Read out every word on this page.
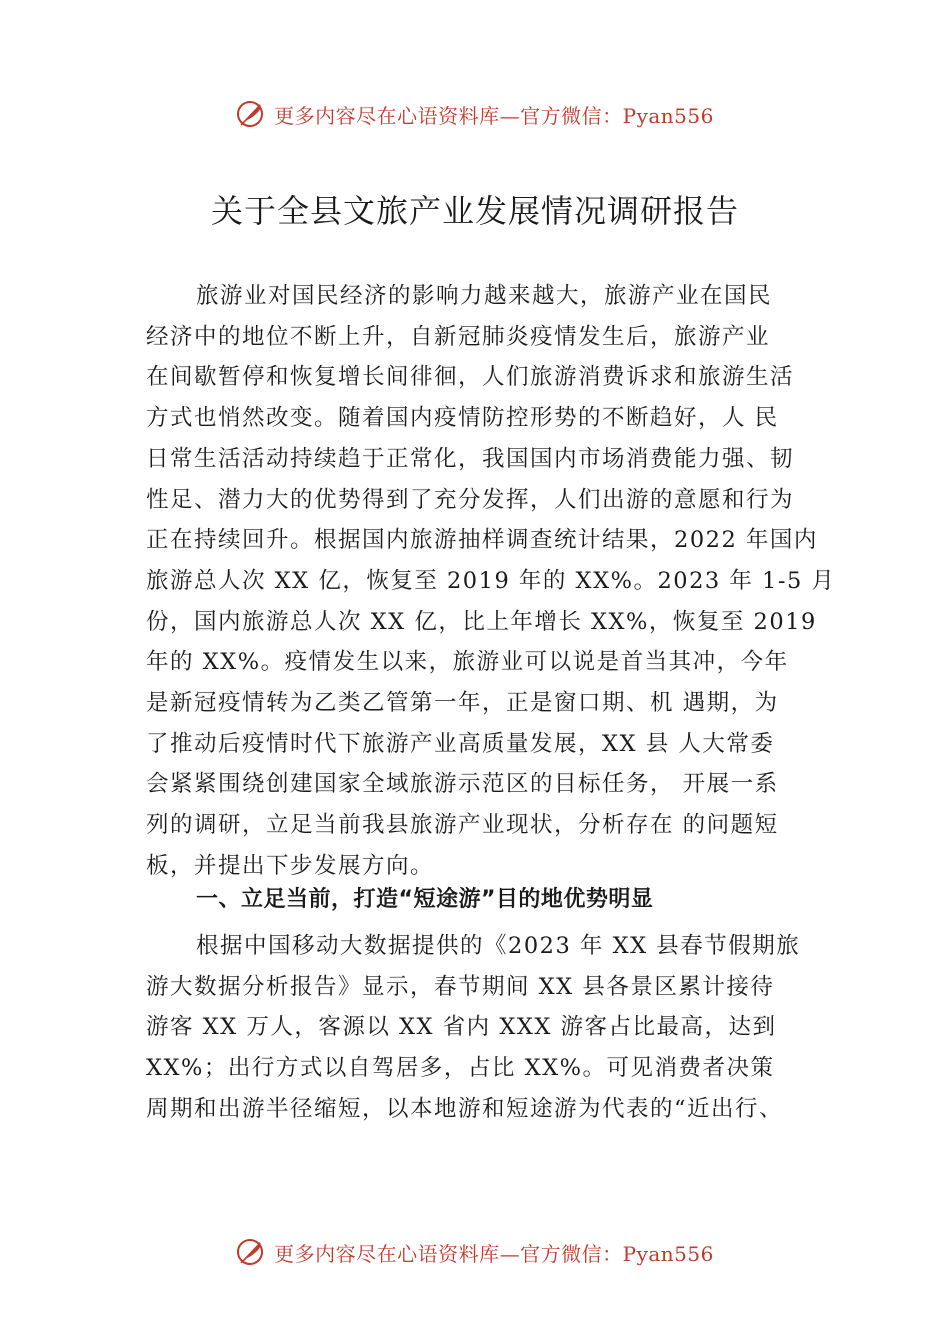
更多内容尽在心语资料库—官方微信：Pyan556
关于全县文旅产业发展情况调研报告
旅游业对国民经济的影响力越来越大，旅游产业在国民
经济中的地位不断上升，自新冠肺炎疫情发生后，旅游产业
在间歇暂停和恢复增长间徘徊，人们旅游消费诉求和旅游生活
方式也悄然改变。随着国内疫情防控形势的不断趋好，人 民
日常生活活动持续趋于正常化，我国国内市场消费能力强、韧
性足、潜力大的优势得到了充分发挥，人们出游的意愿和行为
正在持续回升。根据国内旅游抽样调查统计结果，2022 年国内
旅游总人次 XX 亿，恢复至 2019 年的 XX%。2023 年 1-5 月
份，国内旅游总人次 XX 亿，比上年增长 XX%，恢复至 2019
年的 XX%。疫情发生以来，旅游业可以说是首当其冲，今年
是新冠疫情转为乙类乙管第一年，正是窗口期、机 遇期，为
了推动后疫情时代下旅游产业高质量发展，XX 县 人大常委
会紧紧围绕创建国家全域旅游示范区的目标任务， 开展一系
列的调研，立足当前我县旅游产业现状，分析存在 的问题短
板，并提出下步发展方向。
一、立足当前，打造“短途游”目的地优势明显
根据中国移动大数据提供的《2023 年 XX 县春节假期旅
游大数据分析报告》显示，春节期间 XX 县各景区累计接待
游客 XX 万人，客源以 XX 省内 XXX 游客占比最高，达到
XX%；出行方式以自驾居多，占比 XX%。可见消费者决策
周期和出游半径缩短，以本地游和短途游为代表的“近出行、
更多内容尽在心语资料库—官方微信：Pyan556
